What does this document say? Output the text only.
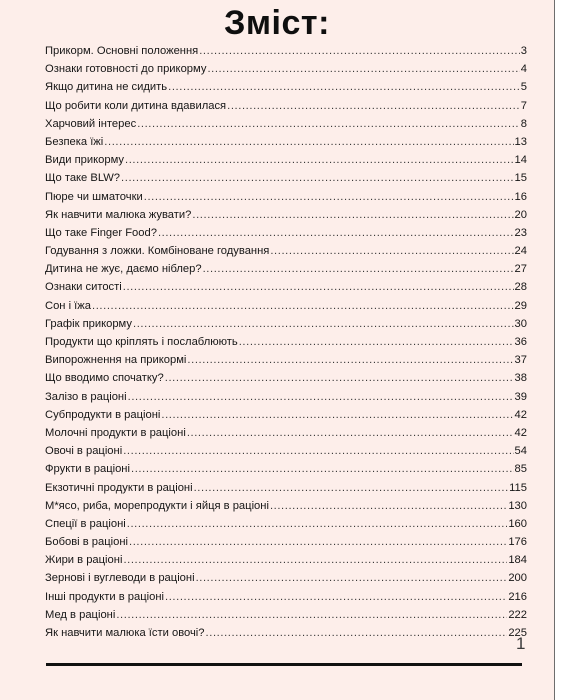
Зміст:
Прикорм. Основні положення .....	3
Ознаки готовності до прикорму .....	4
Якщо дитина не сидить .....	5
Що робити коли дитина вдавилася .....	7
Харчовий інтерес .....	8
Безпека їжі .....	13
Види прикорму .....	14
Що таке BLW? .....	15
Пюре чи шматочки .....	16
Як навчити малюка жувати? .....	20
Що таке Finger Food? .....	23
Годування з ложки. Комбіноване годування .....	24
Дитина не жує, даємо ніблер? .....	27
Ознаки ситості .....	28
Сон і їжа .....	29
Графік прикорму .....	30
Продукти що кріплять і послаблюють .....	36
Випорожнення на прикормі .....	37
Що вводимо спочатку? .....	38
Залізо в раціоні .....	39
Субпродукти в раціоні .....	42
Молочні продукти в раціоні .....	42
Овочі в раціоні .....	54
Фрукти в раціоні .....	85
Екзотичні продукти в раціоні .....	115
М*ясо, риба, морепродукти і яйця в раціоні .....	130
Спеції в раціоні .....	160
Бобові в раціоні .....	176
Жири в раціоні .....	184
Зернові і вуглеводи в раціоні .....	200
Інші продукти в раціоні .....	216
Мед в раціоні .....	222
Як навчити малюка їсти овочі? .....	225
1
